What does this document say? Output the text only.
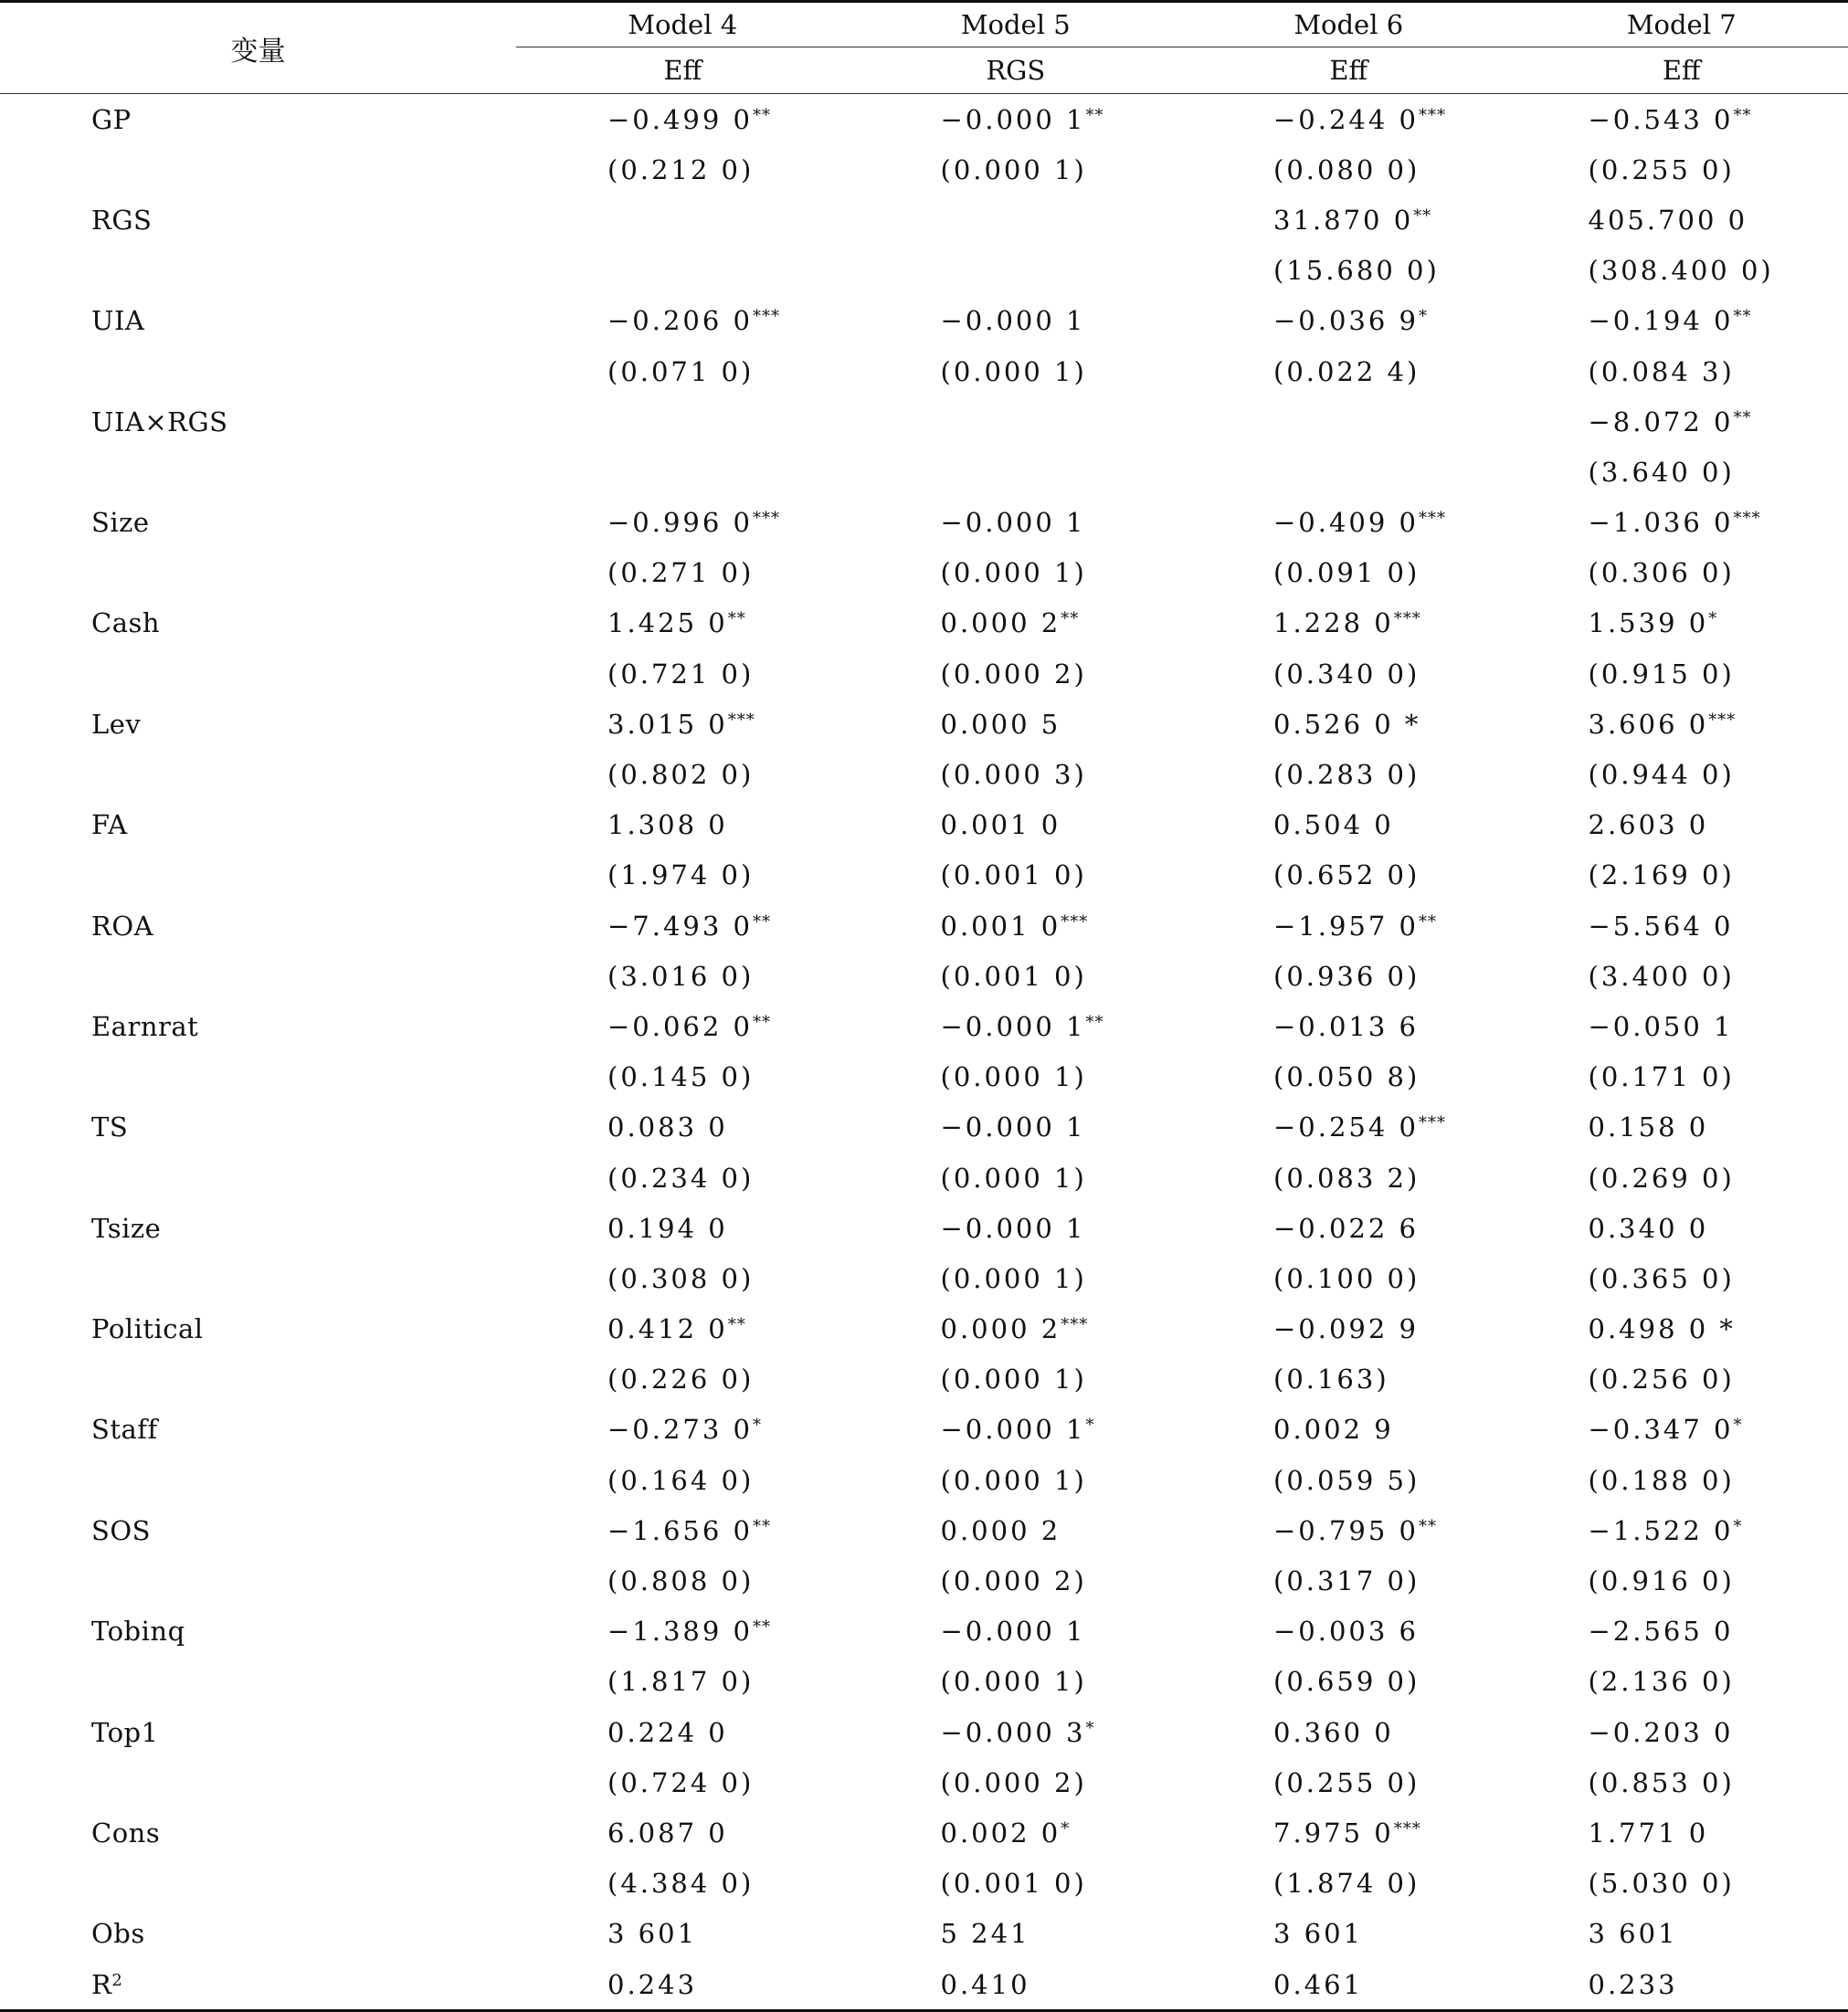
变量	Model 4	Model 5	Model 6	Model 7
	Eff	RGS	Eff	Eff
GP	−0.499 0**	−0.000 1**	−0.244 0***	−0.543 0**
	(0.212 0)	(0.000 1)	(0.080 0)	(0.255 0)
RGS			31.870 0**	405.700 0
			(15.680 0)	(308.400 0)
UIA	−0.206 0***	−0.000 1	−0.036 9*	−0.194 0**
	(0.071 0)	(0.000 1)	(0.022 4)	(0.084 3)
UIA×RGS				−8.072 0**
				(3.640 0)
Size	−0.996 0***	−0.000 1	−0.409 0***	−1.036 0***
	(0.271 0)	(0.000 1)	(0.091 0)	(0.306 0)
Cash	1.425 0**	0.000 2**	1.228 0***	1.539 0*
	(0.721 0)	(0.000 2)	(0.340 0)	(0.915 0)
Lev	3.015 0***	0.000 5	0.526 0 *	3.606 0***
	(0.802 0)	(0.000 3)	(0.283 0)	(0.944 0)
FA	1.308 0	0.001 0	0.504 0	2.603 0
	(1.974 0)	(0.001 0)	(0.652 0)	(2.169 0)
ROA	−7.493 0**	0.001 0***	−1.957 0**	−5.564 0
	(3.016 0)	(0.001 0)	(0.936 0)	(3.400 0)
Earnrat	−0.062 0**	−0.000 1**	−0.013 6	−0.050 1
	(0.145 0)	(0.000 1)	(0.050 8)	(0.171 0)
TS	0.083 0	−0.000 1	−0.254 0***	0.158 0
	(0.234 0)	(0.000 1)	(0.083 2)	(0.269 0)
Tsize	0.194 0	−0.000 1	−0.022 6	0.340 0
	(0.308 0)	(0.000 1)	(0.100 0)	(0.365 0)
Political	0.412 0**	0.000 2***	−0.092 9	0.498 0 *
	(0.226 0)	(0.000 1)	(0.163)	(0.256 0)
Staff	−0.273 0*	−0.000 1*	0.002 9	−0.347 0*
	(0.164 0)	(0.000 1)	(0.059 5)	(0.188 0)
SOS	−1.656 0**	0.000 2	−0.795 0**	−1.522 0*
	(0.808 0)	(0.000 2)	(0.317 0)	(0.916 0)
Tobinq	−1.389 0**	−0.000 1	−0.003 6	−2.565 0
	(1.817 0)	(0.000 1)	(0.659 0)	(2.136 0)
Top1	0.224 0	−0.000 3*	0.360 0	−0.203 0
	(0.724 0)	(0.000 2)	(0.255 0)	(0.853 0)
Cons	6.087 0	0.002 0*	7.975 0***	1.771 0
	(4.384 0)	(0.001 0)	(1.874 0)	(5.030 0)
Obs	3 601	5 241	3 601	3 601
$R^2$	0.243	0.410	0.461	0.233
